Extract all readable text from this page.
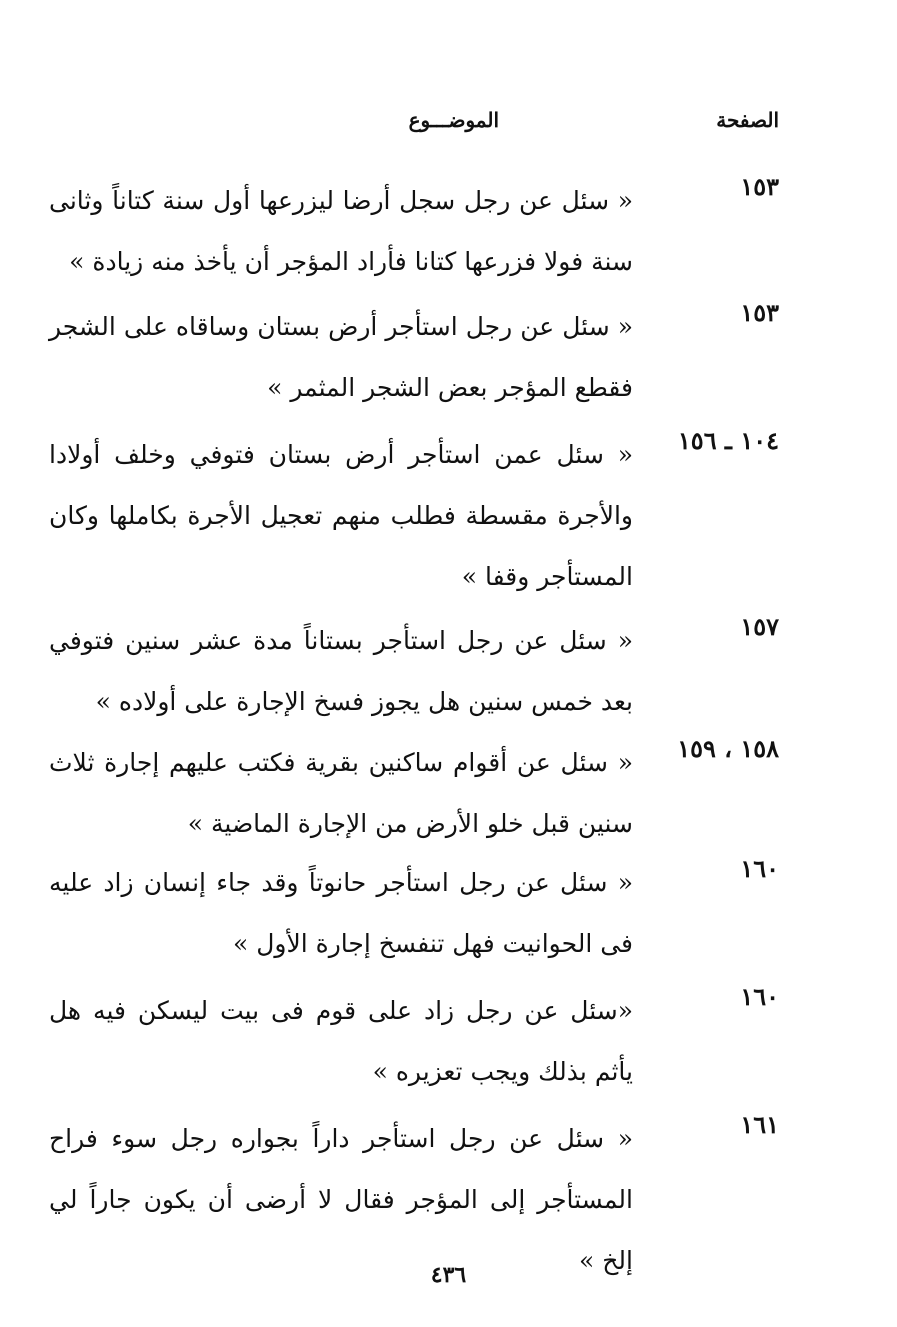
الصفحة
الموضـــوع
١٥٣
« سئل عن رجل سجل أرضا ليزرعها أول سنة كتاناً وثانى سنة فولا فزرعها كتانا فأراد المؤجر أن يأخذ منه زيادة »
١٥٣
« سئل عن رجل استأجر أرض بستان وساقاه على الشجر فقطع المؤجر بعض الشجر المثمر »
١٠٤ ـ ١٥٦
« سئل عمن استأجر أرض بستان فتوفي وخلف أولادا والأجرة مقسطة فطلب منهم تعجيل الأجرة بكاملها وكان المستأجر وقفا »
١٥٧
« سئل عن رجل استأجر بستاناً مدة عشر سنين فتوفي بعد خمس سنين هل يجوز فسخ الإجارة على أولاده »
١٥٨ ، ١٥٩
« سئل عن أقوام ساكنين بقرية فكتب عليهم إجارة ثلاث سنين قبل خلو الأرض من الإجارة الماضية »
١٦٠
« سئل عن رجل استأجر حانوتاً وقد جاء إنسان زاد عليه فى الحوانيت فهل تنفسخ إجارة الأول »
١٦٠
«سئل عن رجل زاد على قوم فى بيت ليسكن فيه هل يأثم بذلك ويجب تعزيره »
١٦١
« سئل عن رجل استأجر داراً بجواره رجل سوء فراح المستأجر إلى المؤجر فقال لا أرضى أن يكون جاراً لي إلخ »
٤٣٦
